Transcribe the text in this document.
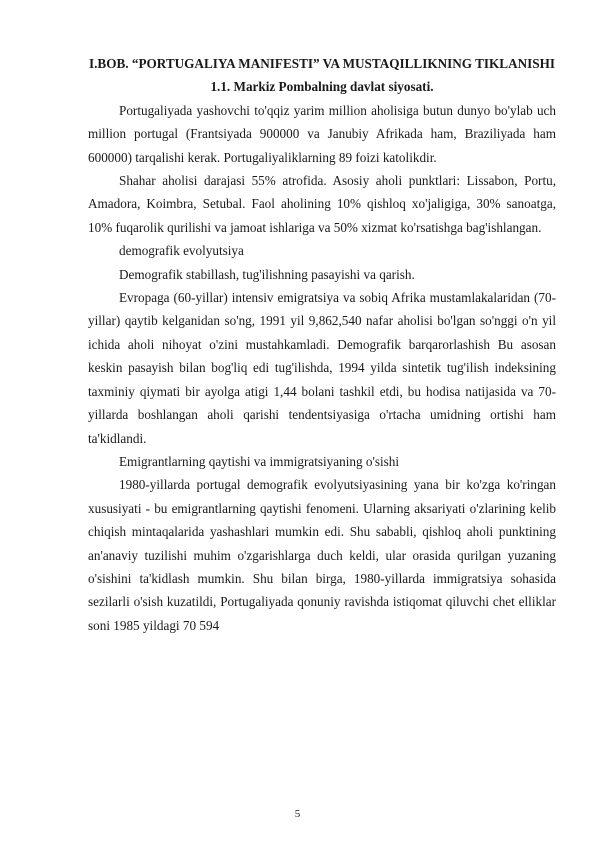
I.BOB. “PORTUGALIYA MANIFESTI” VA MUSTAQILLIKNING TIKLANISHI

1.1. Markiz Pombalning davlat siyosati.

Portugaliyada yashovchi to'qqiz yarim million aholisiga butun dunyo bo'ylab uch million portugal (Frantsiyada 900000 va Janubiy Afrikada ham, Braziliyada ham 600000) tarqalishi kerak. Portugaliyaliklarning 89 foizi katolikdir.

Shahar aholisi darajasi 55% atrofida. Asosiy aholi punktlari: Lissabon, Portu, Amadora, Koimbra, Setubal. Faol aholining 10% qishloq xo'jaligiga, 30% sanoatga, 10% fuqarolik qurilishi va jamoat ishlariga va 50% xizmat ko'rsatishga bag'ishlangan.

demografik evolyutsiya

Demografik stabillash, tug'ilishning pasayishi va qarish.

Evropaga (60-yillar) intensiv emigratsiya va sobiq Afrika mustamlakalaridan (70-yillar) qaytib kelganidan so'ng, 1991 yil 9,862,540 nafar aholisi bo'lgan so'nggi o'n yil ichida aholi nihoyat o'zini mustahkamladi. Demografik barqarorlashish Bu asosan keskin pasayish bilan bog'liq edi tug'ilishda, 1994 yilda sintetik tug'ilish indeksining taxminiy qiymati bir ayolga atigi 1,44 bolani tashkil etdi, bu hodisa natijasida va 70-yillarda boshlangan aholi qarishi tendentsiyasiga o'rtacha umidning ortishi ham ta'kidlandi.

Emigrantlarning qaytishi va immigratsiyaning o'sishi

1980-yillarda portugal demografik evolyutsiyasining yana bir ko'zga ko'ringan xususiyati - bu emigrantlarning qaytishi fenomeni. Ularning aksariyati o'zlarining kelib chiqish mintaqalarida yashashlari mumkin edi. Shu sababli, qishloq aholi punktining an'anaviy tuzilishi muhim o'zgarishlarga duch keldi, ular orasida qurilgan yuzaning o'sishini ta'kidlash mumkin. Shu bilan birga, 1980-yillarda immigratsiya sohasida sezilarli o'sish kuzatildi, Portugaliyada qonuniy ravishda istiqomat qiluvchi chet elliklar soni 1985 yildagi 70 594

5
